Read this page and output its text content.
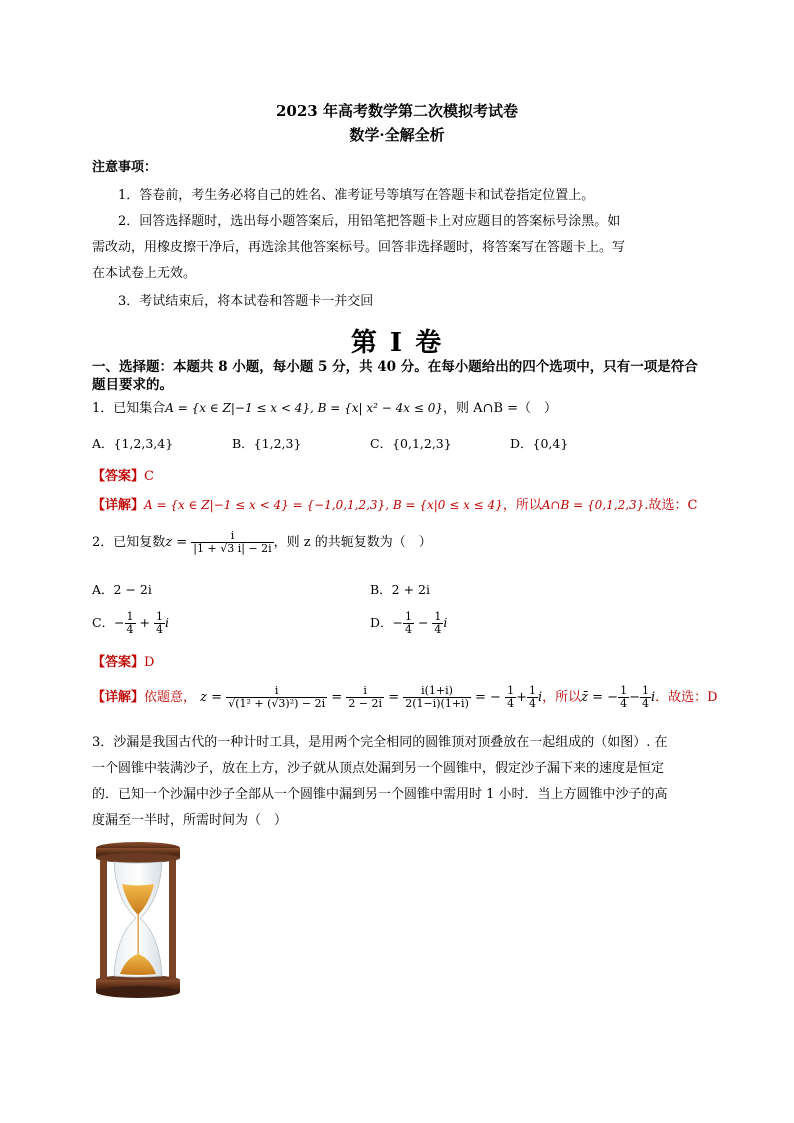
2023 年高考数学第二次模拟考试卷
数学·全解全析
注意事项：
1．答卷前，考生务必将自己的姓名、准考证号等填写在答题卡和试卷指定位置上。
2．回答选择题时，选出每小题答案后，用铅笔把答题卡上对应题目的答案标号涂黑。如
需改动，用橡皮擦干净后，再选涂其他答案标号。回答非选择题时，将答案写在答题卡上。写
在本试卷上无效。
3．考试结束后，将本试卷和答题卡一并交回
第 I 卷
一、选择题：本题共 8 小题，每小题 5 分，共 40 分。在每小题给出的四个选项中，只有一项是符合
题目要求的。
1．已知集合A = {x ∈ Z|−1 ≤ x < 4}, B = {x| x² − 4x ≤ 0}，则 A∩B =（　）
A．{1,2,3,4}	B．{1,2,3}	C．{0,1,2,3}	D．{0,4}
【答案】C
【详解】A = {x ∈ Z|−1 ≤ x < 4} = {−1,0,1,2,3}, B = {x|0 ≤ x ≤ 4}，所以A∩B = {0,1,2,3}.故选：C
2．已知复数$z = \frac{i}{|1 + √3 i| - 2i}$ ，则 z 的共轭复数为（　）
A．2 − 2i	B．2 + 2i
C．− $\frac{1}{4} + \frac{1}{4}$ i	D．− $\frac{1}{4} - \frac{1}{4}$ i
【答案】D
【详解】依题意， $z = \frac{i}{\text{√(1² + (√3)²) − 2i}} = \frac{i}{2 - 2i} = \frac{i(1+i)}{2(1-i)(1+i)}$ = − $\frac{1}{4} + \frac{1}{4}$ i，所以z̄ = − $\frac{1}{4} - \frac{1}{4}$ i．故选：D
3．沙漏是我国古代的一种计时工具，是用两个完全相同的圆锥顶对顶叠放在一起组成的（如图）. 在
一个圆锥中装满沙子，放在上方，沙子就从顶点处漏到另一个圆锥中，假定沙子漏下来的速度是恒定
的．已知一个沙漏中沙子全部从一个圆锥中漏到另一个圆锥中需用时 1 小时．当上方圆锥中沙子的高
度漏至一半时，所需时间为（　）
